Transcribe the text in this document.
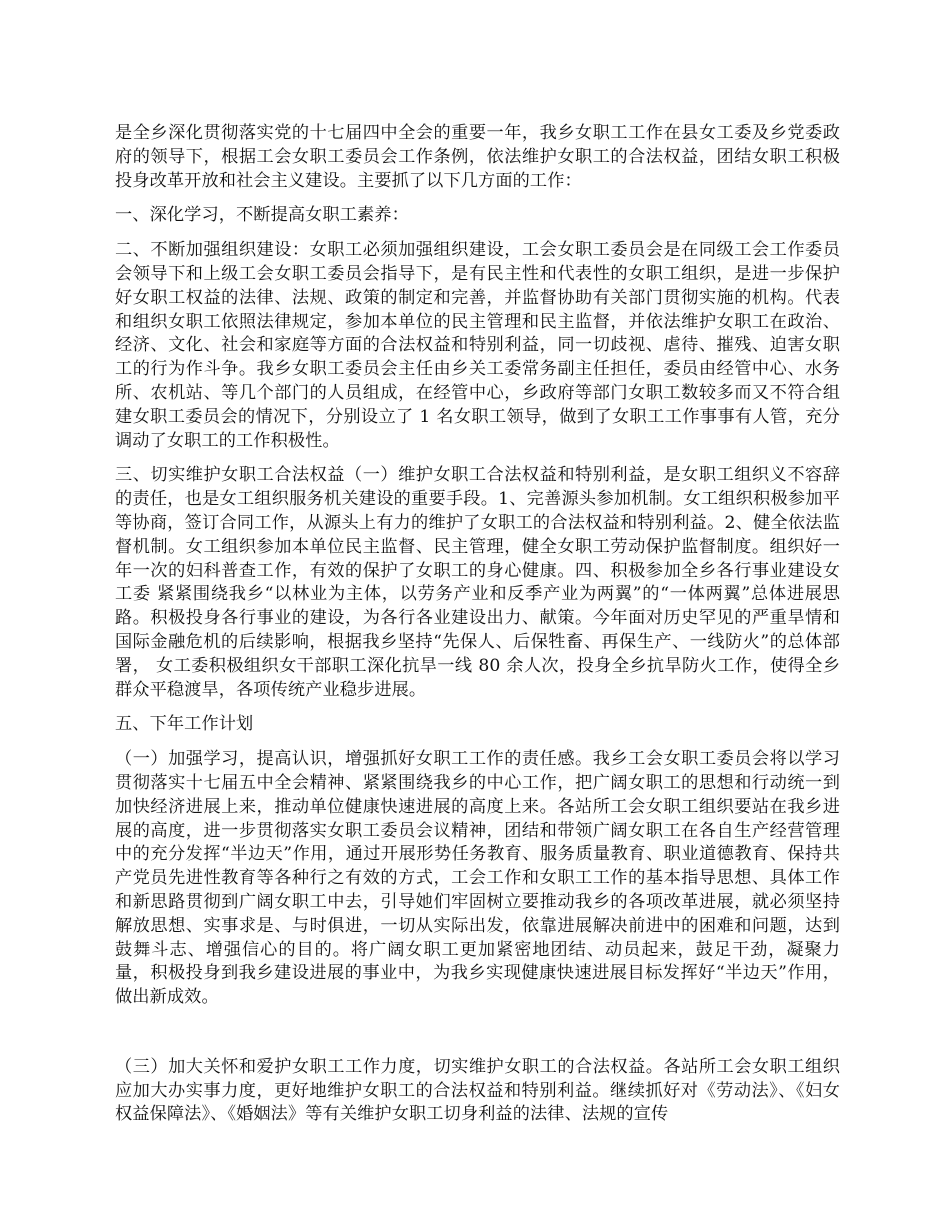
是全乡深化贯彻落实党的十七届四中全会的重要一年，我乡女职工工作在县女工委及乡党委政府的领导下，根据工会女职工委员会工作条例，依法维护女职工的合法权益，团结女职工积极投身改革开放和社会主义建设。主要抓了以下几方面的工作：

一、深化学习，不断提高女职工素养：

二、不断加强组织建设：女职工必须加强组织建设，工会女职工委员会是在同级工会工作委员会领导下和上级工会女职工委员会指导下，是有民主性和代表性的女职工组织，是进一步保护好女职工权益的法律、法规、政策的制定和完善，并监督协助有关部门贯彻实施的机构。代表和组织女职工依照法律规定，参加本单位的民主管理和民主监督，并依法维护女职工在政治、经济、文化、社会和家庭等方面的合法权益和特别利益，同一切歧视、虐待、摧残、迫害女职工的行为作斗争。我乡女职工委员会主任由乡关工委常务副主任担任，委员由经管中心、水务所、农机站、等几个部门的人员组成，在经管中心，乡政府等部门女职工数较多而又不符合组建女职工委员会的情况下，分别设立了 1 名女职工领导，做到了女职工工作事事有人管，充分调动了女职工的工作积极性。

三、切实维护女职工合法权益（一）维护女职工合法权益和特别利益，是女职工组织义不容辞的责任，也是女工组织服务机关建设的重要手段。1、完善源头参加机制。女工组织积极参加平等协商，签订合同工作，从源头上有力的维护了女职工的合法权益和特别利益。2、健全依法监督机制。女工组织参加本单位民主监督、民主管理，健全女职工劳动保护监督制度。组织好一年一次的妇科普查工作，有效的保护了女职工的身心健康。四、积极参加全乡各行事业建设女工委 紧紧围绕我乡“以林业为主体，以劳务产业和反季产业为两翼”的“一体两翼”总体进展思路。积极投身各行事业的建设，为各行各业建设出力、献策。今年面对历史罕见的严重旱情和国际金融危机的后续影响，根据我乡坚持“先保人、后保牲畜、再保生产、一线防火”的总体部署， 女工委积极组织女干部职工深化抗旱一线 80 余人次，投身全乡抗旱防火工作，使得全乡群众平稳渡旱，各项传统产业稳步进展。

五、下年工作计划

（一）加强学习，提高认识，增强抓好女职工工作的责任感。我乡工会女职工委员会将以学习贯彻落实十七届五中全会精神、紧紧围绕我乡的中心工作，把广阔女职工的思想和行动统一到加快经济进展上来，推动单位健康快速进展的高度上来。各站所工会女职工组织要站在我乡进展的高度，进一步贯彻落实女职工委员会议精神，团结和带领广阔女职工在各自生产经营管理中的充分发挥“半边天”作用，通过开展形势任务教育、服务质量教育、职业道德教育、保持共产党员先进性教育等各种行之有效的方式，工会工作和女职工工作的基本指导思想、具体工作和新思路贯彻到广阔女职工中去，引导她们牢固树立要推动我乡的各项改革进展，就必须坚持解放思想、实事求是、与时俱进，一切从实际出发，依靠进展解决前进中的困难和问题，达到鼓舞斗志、增强信心的目的。将广阔女职工更加紧密地团结、动员起来，鼓足干劲，凝聚力量，积极投身到我乡建设进展的事业中，为我乡实现健康快速进展目标发挥好“半边天”作用，做出新成效。

（三）加大关怀和爱护女职工工作力度，切实维护女职工的合法权益。各站所工会女职工组织应加大办实事力度，更好地维护女职工的合法权益和特别利益。继续抓好对《劳动法》、《妇女权益保障法》、《婚姻法》等有关维护女职工切身利益的法律、法规的宣传
